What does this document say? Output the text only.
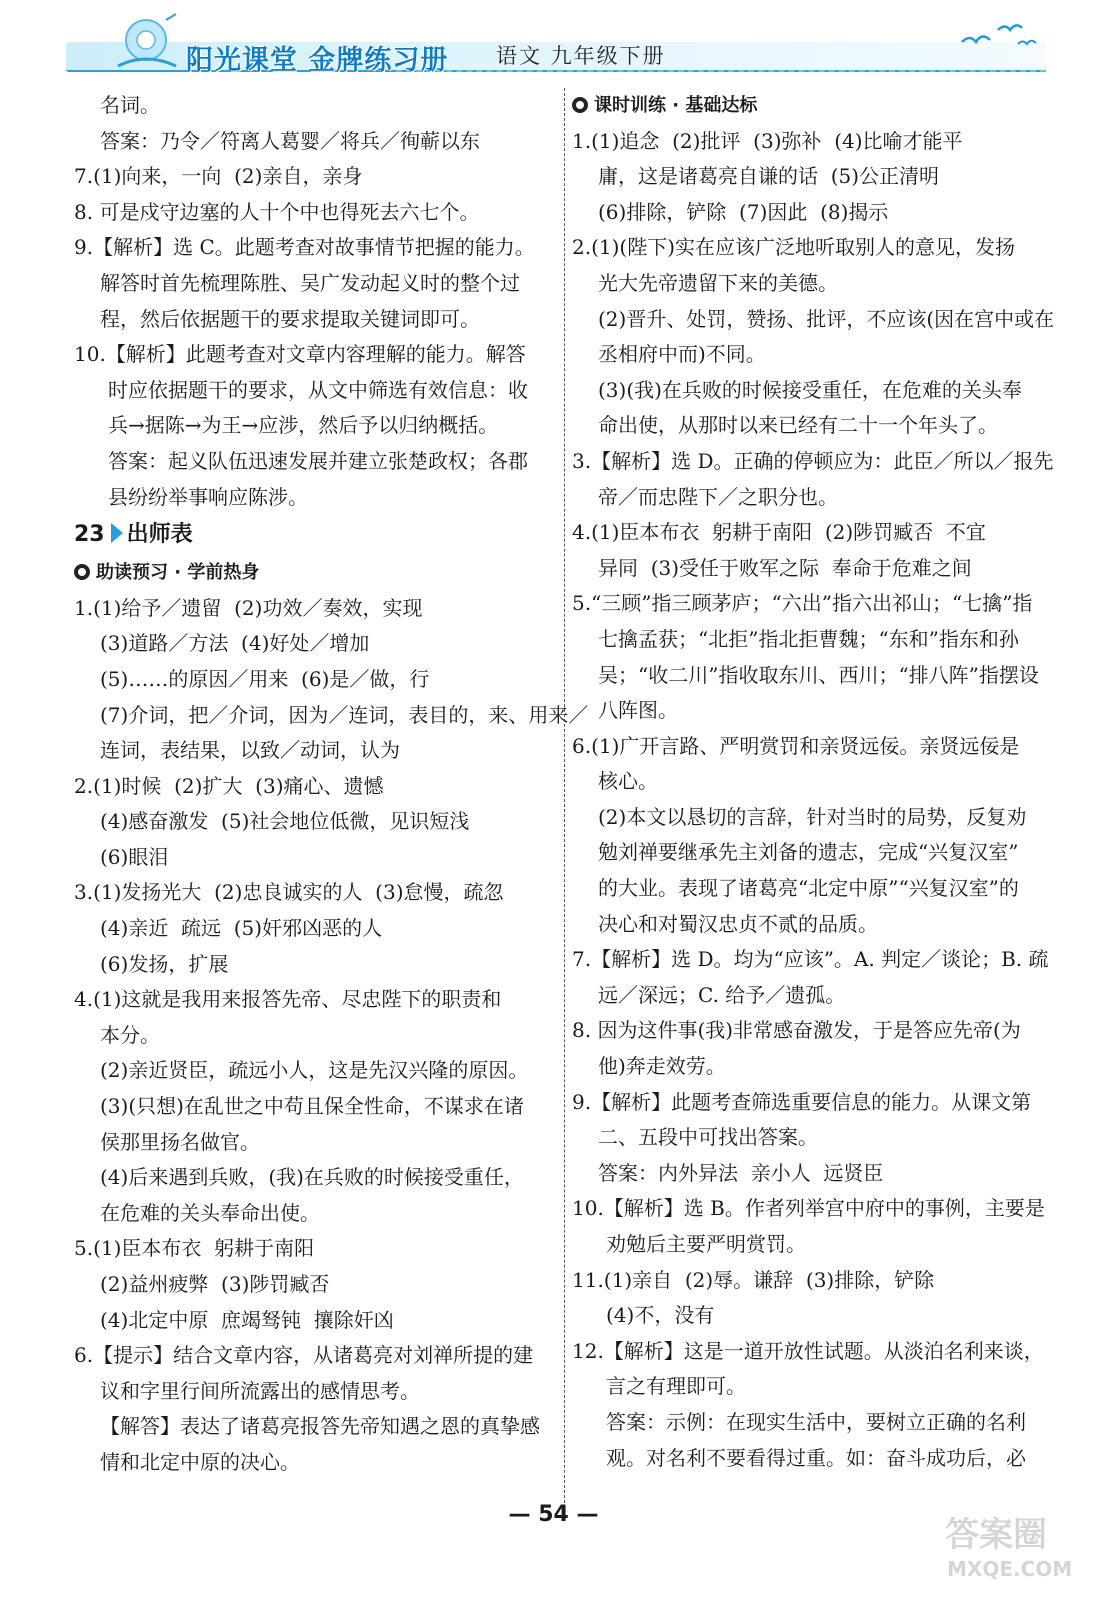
阳光课堂 金牌练习册 语文 九年级下册
名词。
答案：乃令／符离人葛婴／将兵／徇蕲以东
7.(1)向来，一向  (2)亲自，亲身
8. 可是戍守边塞的人十个中也得死去六七个。
9.【解析】选 C。此题考查对故事情节把握的能力。
解答时首先梳理陈胜、吴广发动起义时的整个过
程，然后依据题干的要求提取关键词即可。
10.【解析】此题考查对文章内容理解的能力。解答
时应依据题干的要求，从文中筛选有效信息：收
兵→据陈→为王→应涉，然后予以归纳概括。
答案：起义队伍迅速发展并建立张楚政权；各郡
县纷纷举事响应陈涉。
23 出师表
助读预习 · 学前热身
1.(1)给予／遗留  (2)功效／奏效，实现
(3)道路／方法  (4)好处／增加
(5)……的原因／用来  (6)是／做，行
(7)介词，把／介词，因为／连词，表目的，来、用来／
连词，表结果，以致／动词，认为
2.(1)时候  (2)扩大  (3)痛心、遗憾
(4)感奋激发  (5)社会地位低微，见识短浅
(6)眼泪
3.(1)发扬光大  (2)忠良诚实的人  (3)怠慢，疏忽
(4)亲近  疏远  (5)奸邪凶恶的人
(6)发扬，扩展
4.(1)这就是我用来报答先帝、尽忠陛下的职责和
本分。
(2)亲近贤臣，疏远小人，这是先汉兴隆的原因。
(3)(只想)在乱世之中苟且保全性命，不谋求在诸
侯那里扬名做官。
(4)后来遇到兵败，(我)在兵败的时候接受重任，
在危难的关头奉命出使。
5.(1)臣本布衣  躬耕于南阳
(2)益州疲弊  (3)陟罚臧否
(4)北定中原  庶竭驽钝  攘除奸凶
6.【提示】结合文章内容，从诸葛亮对刘禅所提的建
议和字里行间所流露出的感情思考。
【解答】表达了诸葛亮报答先帝知遇之恩的真挚感
情和北定中原的决心。
课时训练 · 基础达标
1.(1)追念  (2)批评  (3)弥补  (4)比喻才能平
庸，这是诸葛亮自谦的话  (5)公正清明
(6)排除，铲除  (7)因此  (8)揭示
2.(1)(陛下)实在应该广泛地听取别人的意见，发扬
光大先帝遗留下来的美德。
(2)晋升、处罚，赞扬、批评，不应该(因在宫中或在
丞相府中而)不同。
(3)(我)在兵败的时候接受重任，在危难的关头奉
命出使，从那时以来已经有二十一个年头了。
3.【解析】选 D。正确的停顿应为：此臣／所以／报先
帝／而忠陛下／之职分也。
4.(1)臣本布衣  躬耕于南阳  (2)陟罚臧否  不宜
异同  (3)受任于败军之际  奉命于危难之间
5.“三顾”指三顾茅庐；“六出”指六出祁山；“七擒”指
七擒孟获；“北拒”指北拒曹魏；“东和”指东和孙
吴；“收二川”指收取东川、西川；“排八阵”指摆设
八阵图。
6.(1)广开言路、严明赏罚和亲贤远佞。亲贤远佞是
核心。
(2)本文以恳切的言辞，针对当时的局势，反复劝
勉刘禅要继承先主刘备的遗志，完成“兴复汉室”
的大业。表现了诸葛亮“北定中原”“兴复汉室”的
决心和对蜀汉忠贞不贰的品质。
7.【解析】选 D。均为“应该”。A. 判定／谈论；B. 疏
远／深远；C. 给予／遗孤。
8. 因为这件事(我)非常感奋激发，于是答应先帝(为
他)奔走效劳。
9.【解析】此题考查筛选重要信息的能力。从课文第
二、五段中可找出答案。
答案：内外异法  亲小人  远贤臣
10.【解析】选 B。作者列举宫中府中的事例，主要是
劝勉后主要严明赏罚。
11.(1)亲自  (2)辱。谦辞  (3)排除，铲除
(4)不，没有
12.【解析】这是一道开放性试题。从淡泊名利来谈，
言之有理即可。
答案：示例：在现实生活中，要树立正确的名利
观。对名利不要看得过重。如：奋斗成功后，必
— 54 —
答案圈
MXQE.COM
